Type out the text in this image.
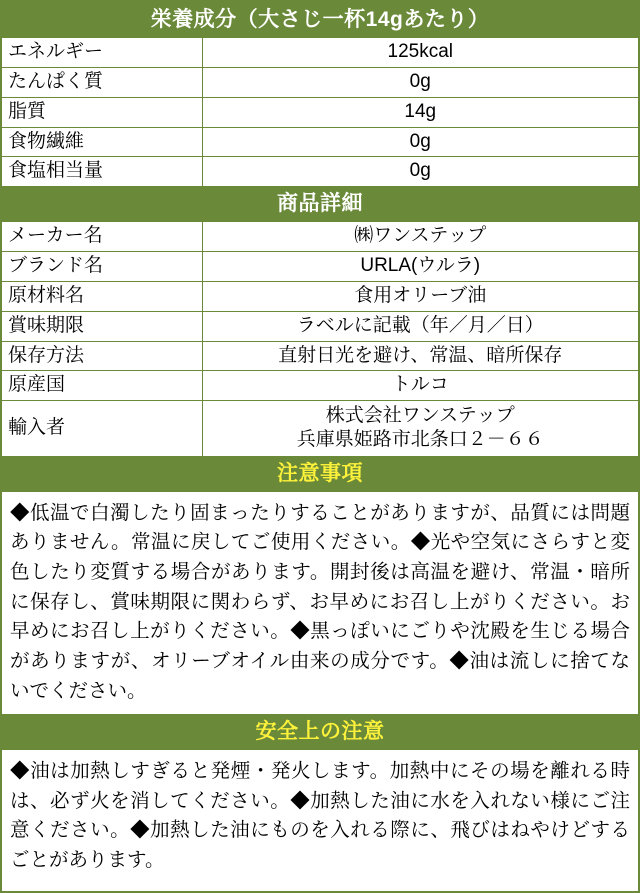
栄養成分（大さじ一杯14gあたり）
エネルギー	125kcal
たんぱく質	0g
脂質	14g
食物繊維	0g
食塩相当量	0g
商品詳細
メーカー名	㈱ワンステップ
ブランド名	URLA(ウルラ)
原材料名	食用オリーブ油
賞味期限	ラベルに記載（年／月／日）
保存方法	直射日光を避け、常温、暗所保存
原産国	トルコ
輸入者	株式会社ワンステップ
兵庫県姫路市北条口２－６６
注意事項
◆低温で白濁したり固まったりすることがありますが、品質には問題ありません。常温に戻してご使用ください。◆光や空気にさらすと変色したり変質する場合があります。開封後は高温を避け、常温・暗所に保存し、賞味期限に関わらず、お早めにお召し上がりください。お早めにお召し上がりください。◆黒っぽいにごりや沈殿を生じる場合がありますが、オリーブオイル由来の成分です。◆油は流しに捨てないでください。
安全上の注意
◆油は加熱しすぎると発煙・発火します。加熱中にその場を離れる時は、必ず火を消してください。◆加熱した油に水を入れない様にご注意ください。◆加熱した油にものを入れる際に、飛びはねやけどするごとがあります。
